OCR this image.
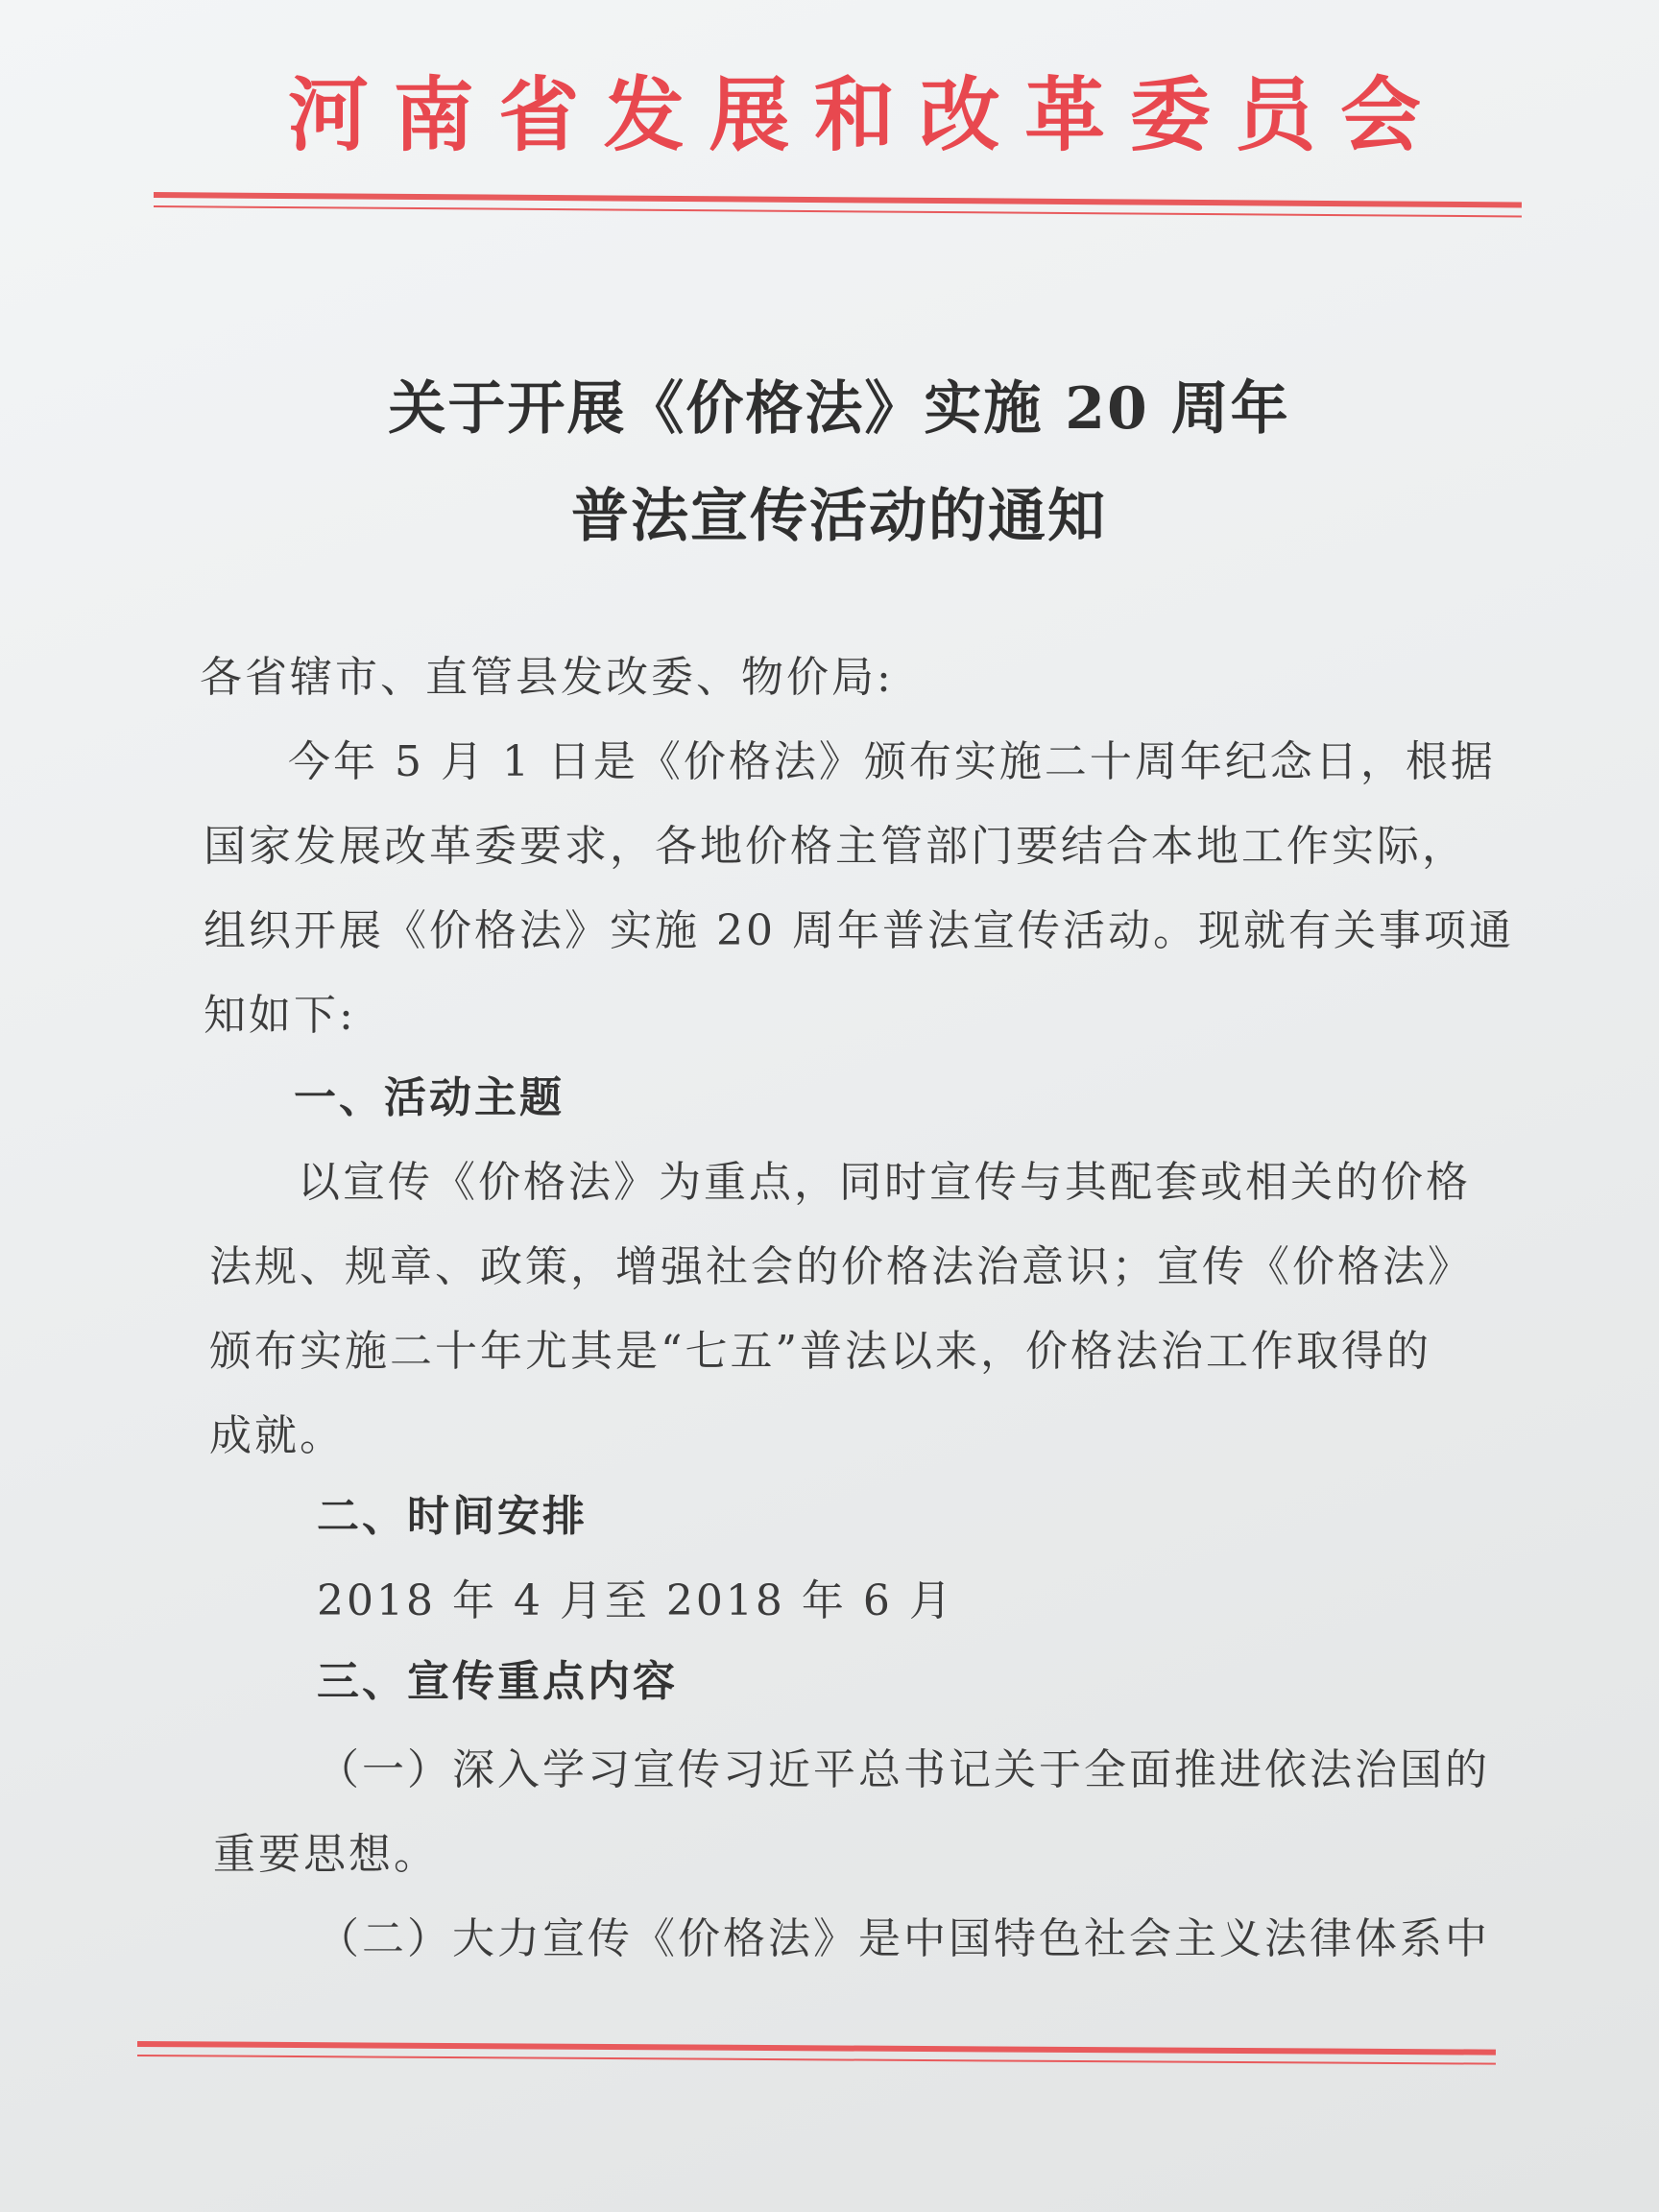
河 南 省 发 展 和 改 革 委 员 会
关于开展《价格法》实施 20 周年
普法宣传活动的通知
各省辖市、直管县发改委、物价局:
今年 5 月 1 日是《价格法》颁布实施二十周年纪念日，根据
国家发展改革委要求，各地价格主管部门要结合本地工作实际，
组织开展《价格法》实施 20 周年普法宣传活动。现就有关事项通
知如下:
一、活动主题
以宣传《价格法》为重点，同时宣传与其配套或相关的价格
法规、规章、政策，增强社会的价格法治意识；宣传《价格法》
颁布实施二十年尤其是“七五”普法以来，价格法治工作取得的
成就。
二、时间安排
2018 年 4 月至 2018 年 6 月
三、宣传重点内容
（一）深入学习宣传习近平总书记关于全面推进依法治国的
重要思想。
（二）大力宣传《价格法》是中国特色社会主义法律体系中
